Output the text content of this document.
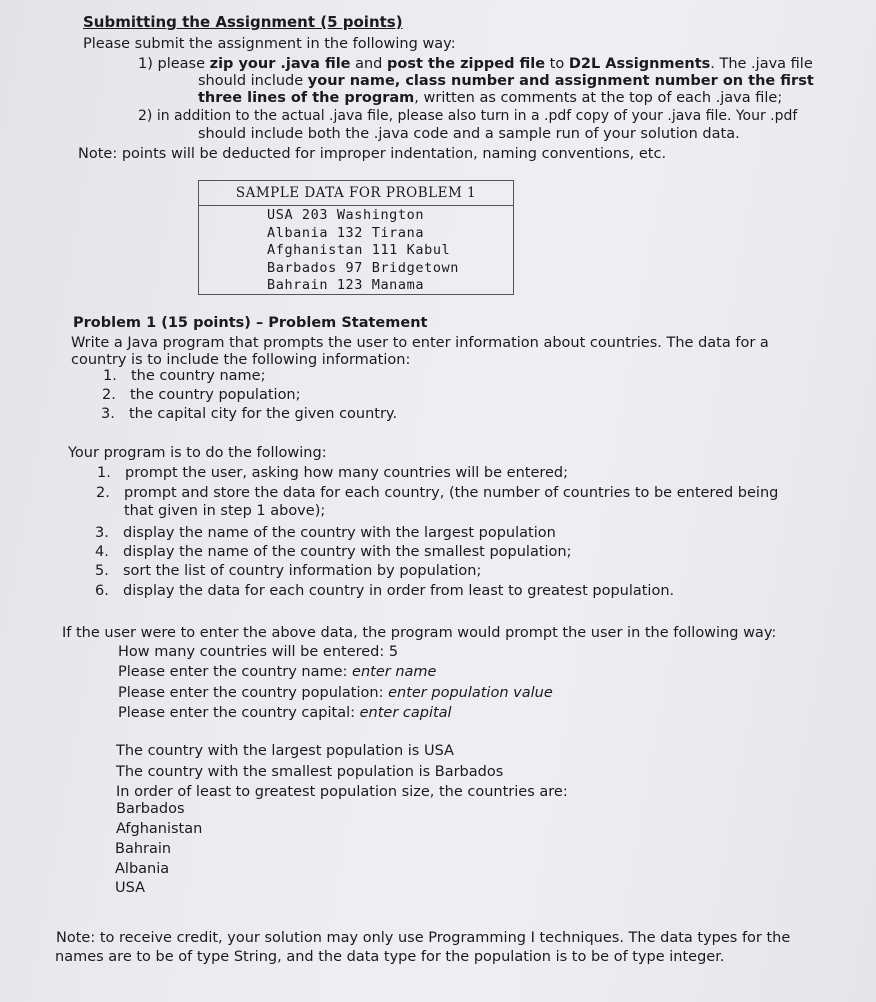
Submitting the Assignment (5 points)
Please submit the assignment in the following way:
1) please zip your .java file and post the zipped file to D2L Assignments. The .java file
should include your name, class number and assignment number on the first
three lines of the program, written as comments at the top of each .java file;
2) in addition to the actual .java file, please also turn in a .pdf copy of your .java file. Your .pdf
should include both the .java code and a sample run of your solution data.
Note: points will be deducted for improper indentation, naming conventions, etc.
SAMPLE DATA FOR PROBLEM 1
USA 203 Washington
Albania 132 Tirana
Afghanistan 111 Kabul
Barbados 97 Bridgetown
Bahrain 123 Manama
Problem 1 (15 points) – Problem Statement
Write a Java program that prompts the user to enter information about countries. The data for a
country is to include the following information:
1. the country name;
2. the country population;
3. the capital city for the given country.
Your program is to do the following:
1. prompt the user, asking how many countries will be entered;
2. prompt and store the data for each country, (the number of countries to be entered being
that given in step 1 above);
3. display the name of the country with the largest population
4. display the name of the country with the smallest population;
5. sort the list of country information by population;
6. display the data for each country in order from least to greatest population.
If the user were to enter the above data, the program would prompt the user in the following way:
How many countries will be entered: 5
Please enter the country name: enter name
Please enter the country population: enter population value
Please enter the country capital: enter capital
The country with the largest population is USA
The country with the smallest population is Barbados
In order of least to greatest population size, the countries are:
Barbados
Afghanistan
Bahrain
Albania
USA
Note: to receive credit, your solution may only use Programming I techniques. The data types for the
names are to be of type String, and the data type for the population is to be of type integer.
